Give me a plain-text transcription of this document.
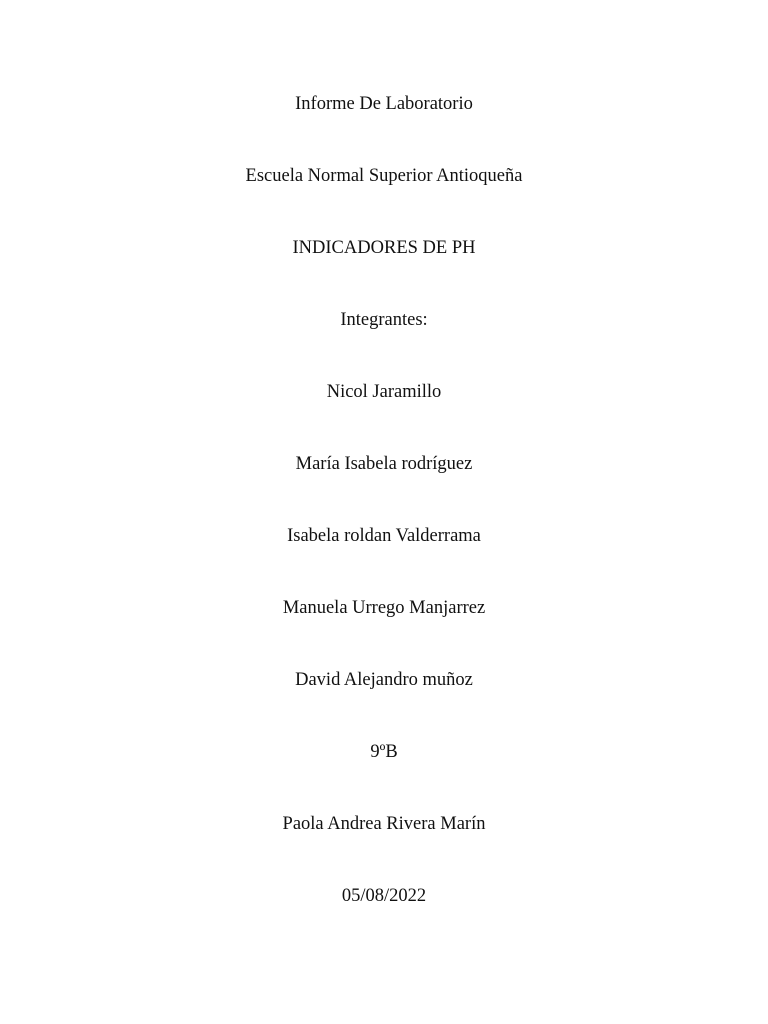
Informe De Laboratorio
Escuela Normal Superior Antioqueña
INDICADORES DE PH
Integrantes:
Nicol Jaramillo
María Isabela rodríguez
Isabela roldan Valderrama
Manuela Urrego Manjarrez
David Alejandro muñoz
9ºB
Paola Andrea Rivera Marín
05/08/2022
